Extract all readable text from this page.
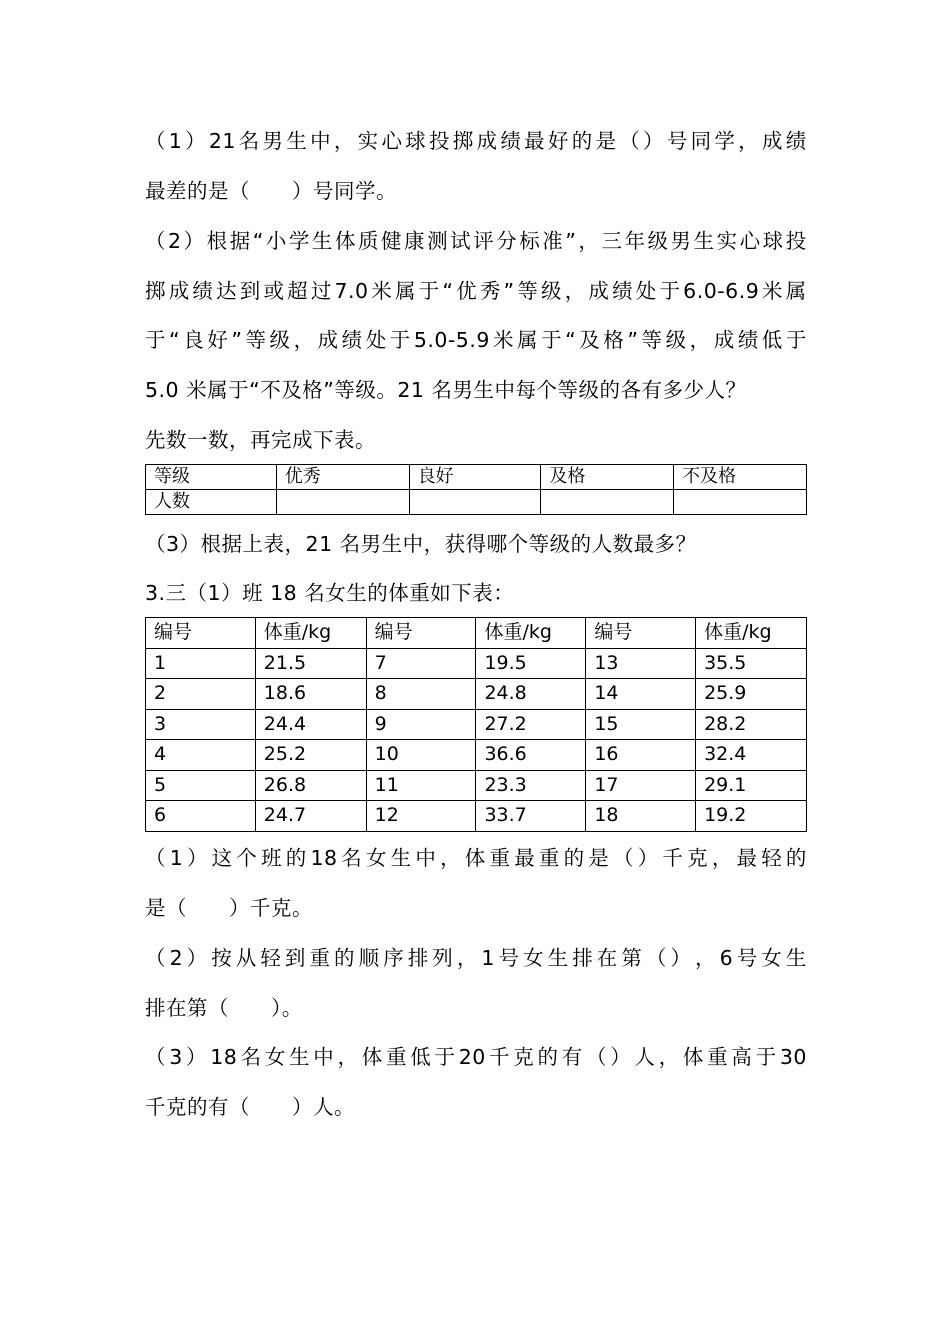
（ 1 ） 21 名 男 生 中 ， 实 心 球 投 掷 成 绩 最 好 的 是 （ ） 号 同 学 ， 成 绩
最差的是（　　）号同学。
（ 2 ） 根 据 “ 小 学 生 体 质 健 康 测 试 评 分 标 准 ” ， 三 年 级 男 生 实 心 球 投
掷 成 绩 达 到 或 超 过 7.0 米 属 于 “ 优 秀 ” 等 级 ， 成 绩 处 于 6.0-6.9 米 属
于 “ 良 好 ” 等 级 ， 成 绩 处 于 5.0-5.9 米 属 于 “ 及 格 ” 等 级 ， 成 绩 低 于
5.0 米属于“不及格”等级。21 名男生中每个等级的各有多少人？
先数一数，再完成下表。
等级	优秀	良好	及格	不及格
人数				
（3）根据上表，21 名男生中，获得哪个等级的人数最多？
3.三（1）班 18 名女生的体重如下表：
编号	体重/kg	编号	体重/kg	编号	体重/kg
1	21.5	7	19.5	13	35.5
2	18.6	8	24.8	14	25.9
3	24.4	9	27.2	15	28.2
4	25.2	10	36.6	16	32.4
5	26.8	11	23.3	17	29.1
6	24.7	12	33.7	18	19.2
（ 1 ） 这 个 班 的 18 名 女 生 中 ， 体 重 最 重 的 是 （ ） 千 克 ， 最 轻 的
是（　　）千克。
（ 2 ） 按 从 轻 到 重 的 顺 序 排 列 ， 1 号 女 生 排 在 第 （ ） ， 6 号 女 生
排在第（　　）。
（ 3 ） 18 名 女 生 中 ， 体 重 低 于 20 千 克 的 有 （ ） 人 ， 体 重 高 于 30
千克的有（　　）人。
